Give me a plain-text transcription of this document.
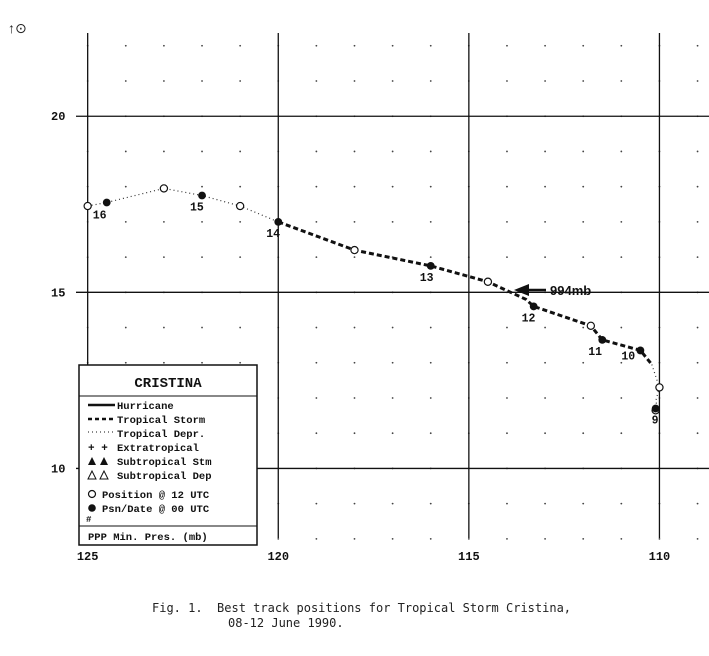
↑⊙
125	120	115	110
10
15
20
16
15
14
13
12
11 10
9
994mb
CRISTINA
Hurricane
Tropical Storm
Tropical Depr.
+ + Extratropical
Subtropical Stm
Subtropical Dep
Position @ 12 UTC
Psn/Date @ 00 UTC
#
PPP Min. Pres. (mb)
Fig. 1.  Best track positions for Tropical Storm Cristina,
08-12 June 1990.
